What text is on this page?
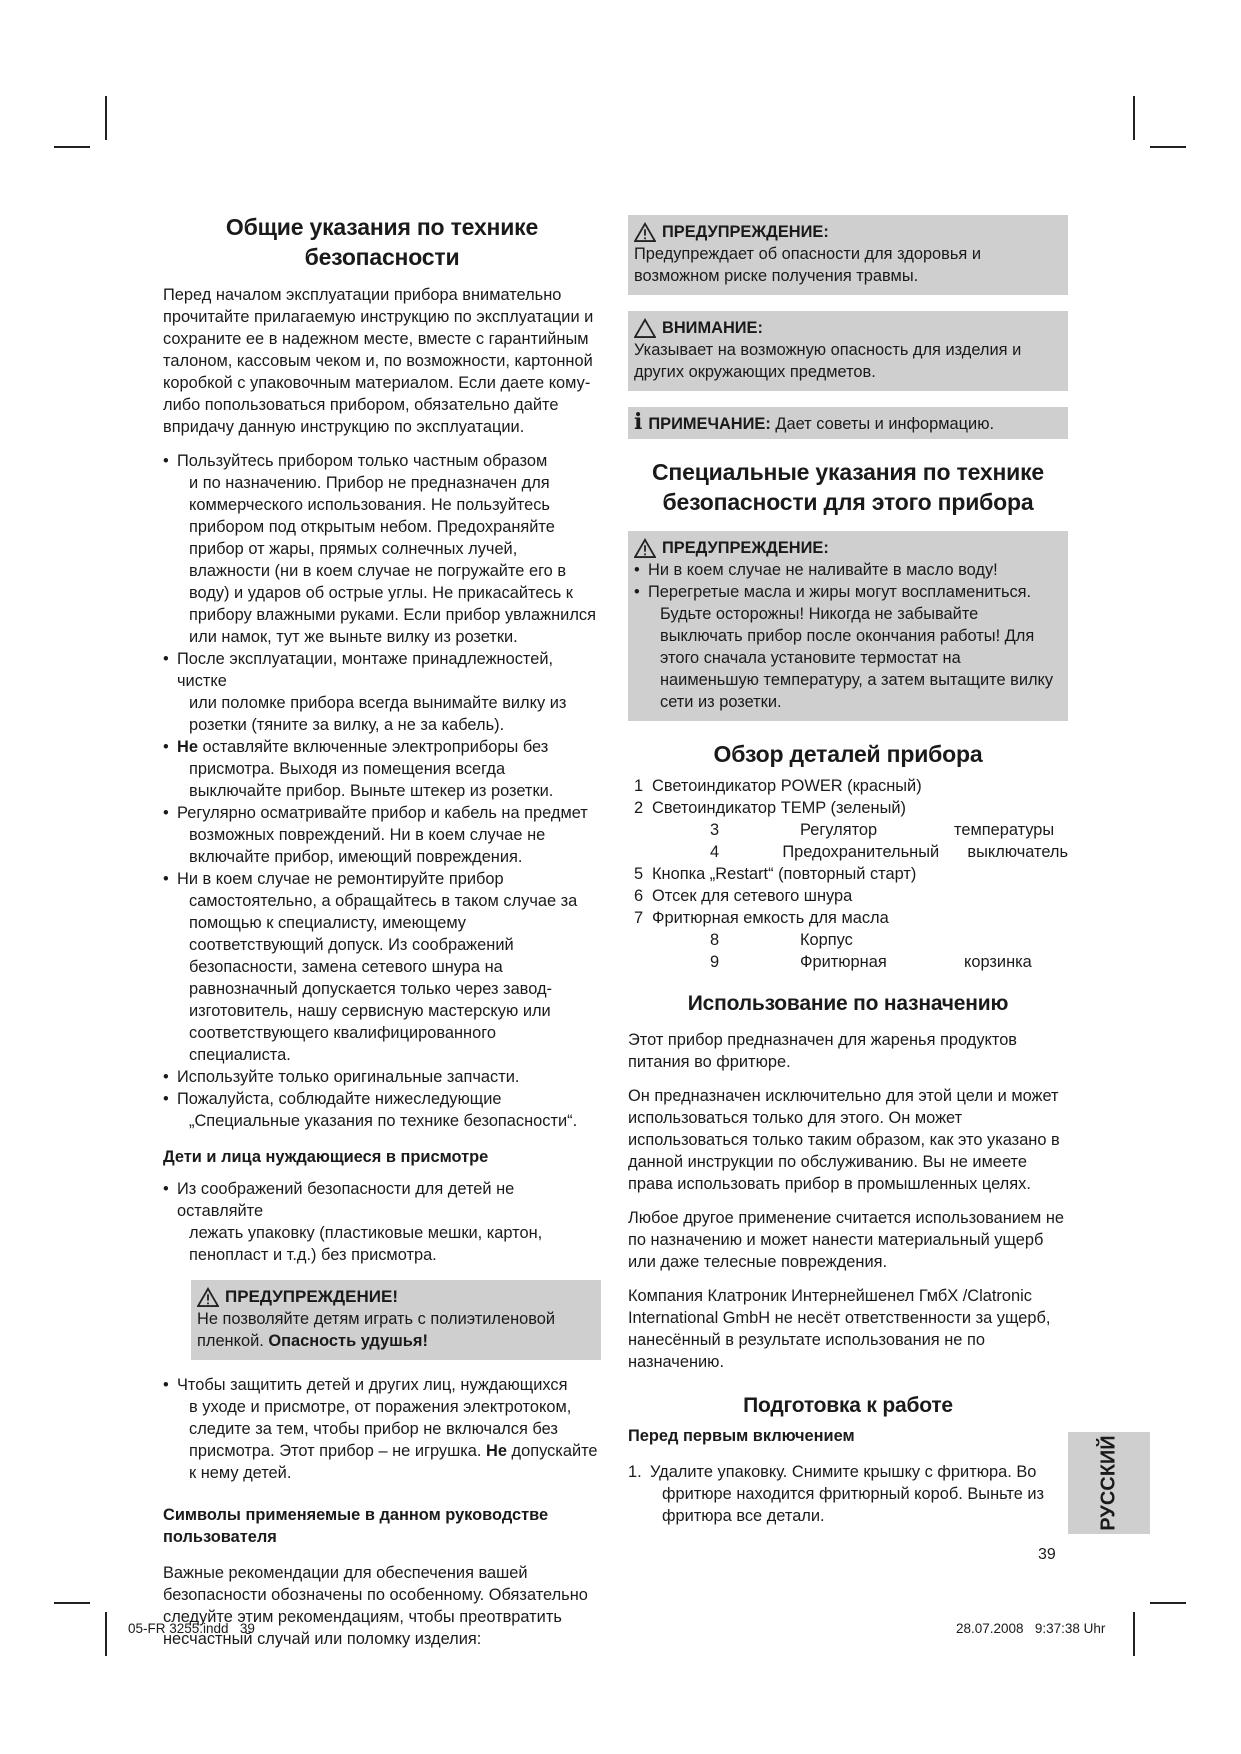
Общие указания по технике безопасности

Перед началом эксплуатации прибора внимательно прочитайте прилагаемую инструкцию по эксплуатации и сохраните ее в надежном месте, вместе с гарантийным талоном, кассовым чеком и, по возможности, картонной коробкой с упаковочным материалом. Если даете кому-либо попользоваться прибором, обязательно дайте впридачу данную инструкцию по эксплуатации.

• Пользуйтесь прибором только частным образом
и по назначению. Прибор не предназначен для коммерческого использования. Не пользуйтесь прибором под открытым небом. Предохраняйте прибор от жары, прямых солнечных лучей, влажности (ни в коем случае не погружайте его в воду) и ударов об острые углы. Не прикасайтесь к прибору влажными руками. Если прибор увлажнился или намок, тут же выньте вилку из розетки.
• После эксплуатации, монтаже принадлежностей, чистке
или поломке прибора всегда вынимайте вилку из розетки (тяните за вилку, а не за кабель).
• Не оставляйте включенные электроприборы без
присмотра. Выходя из помещения всегда выключайте прибор. Выньте штекер из розетки.
• Регулярно осматривайте прибор и кабель на предмет
возможных повреждений. Ни в коем случае не включайте прибор, имеющий повреждения.
• Ни в коем случае не ремонтируйте прибор
самостоятельно, а обращайтесь в таком случае за помощью к специалисту, имеющему соответствующий допуск. Из соображений безопасности, замена сетевого шнура на равнозначный допускается только через завод-изготовитель, нашу сервисную мастерскую или соответствующего квалифицированного специалиста.
• Используйте только оригинальные запчасти.
• Пожалуйста, соблюдайте нижеследующие
„Специальные указания по технике безопасности“.
Дети и лица нуждающиеся в присмотре
• Из соображений безопасности для детей не оставляйте
лежать упаковку (пластиковые мешки, картон, пенопласт и т.д.) без присмотра.
ПРЕДУПРЕЖДЕНИЕ!
Не позволяйте детям играть с полиэтиленовой пленкой. Опасность удушья!
• Чтобы защитить детей и других лиц, нуждающихся
в уходе и присмотре, от поражения электротоком, следите за тем, чтобы прибор не включался без присмотра. Этот прибор – не игрушка. Не допускайте к нему детей.
Символы применяемые в данном руководстве пользователя

Важные рекомендации для обеспечения вашей безопасности обозначены по особенному. Обязательно следуйте этим рекомендациям, чтобы преотвратить несчастный случай или поломку изделия:

ПРЕДУПРЕЖДЕНИЕ:
Предупреждает об опасности для здоровья и возможном риске получения травмы.
ВНИМАНИЕ:
Указывает на возможную опасность для изделия и других окружающих предметов.
i ПРИМЕЧАНИЕ: Дает советы и информацию.
Специальные указания по технике
безопасности для этого прибора
ПРЕДУПРЕЖДЕНИЕ:
• Ни в коем случае не наливайте в масло воду!
• Перегретые масла и жиры могут воспламениться.
Будьте осторожны! Никогда не забывайте выключать прибор после окончания работы! Для этого сначала установите термостат на наименьшую температуру, а затем вытащите вилку сети из розетки.
Обзор деталей прибора
1 Светоиндикатор POWER (красный)
2 Светоиндикатор TEMP (зеленый)
3	Регулятор	температуры
4	Предохранительный	выключатель
5 Кнопка „Restart“ (повторный старт)
6 Отсек для сетевого шнура
7 Фритюрная емкость для масла
8	Корпус
9	Фритюрная	корзинка
Использование по назначению

Этот прибор предназначен для жаренья продуктов питания во фритюре.

Он предназначен исключительно для этой цели и может использоваться только для этого. Он может использоваться только таким образом, как это указано в данной инструкции по обслуживанию. Вы не имеете права использовать прибор в промышленных целях.

Любое другое применение считается использованием не по назначению и может нанести материальный ущерб или даже телесные повреждения.

Компания Клатроник Интернейшенел ГмбХ /Clatronic International GmbH не несёт ответственности за ущерб, нанесённый в результате использования не по назначению.

Подготовка к работе
Перед первым включением
1. Удалите упаковку. Снимите крышку с фритюра. Во

фритюре находится фритюрный короб. Выньте из фритюра все детали.	РУССКИЙ
39
05-FR 3255.indd   39	28.07.2008   9:37:38 Uhr
